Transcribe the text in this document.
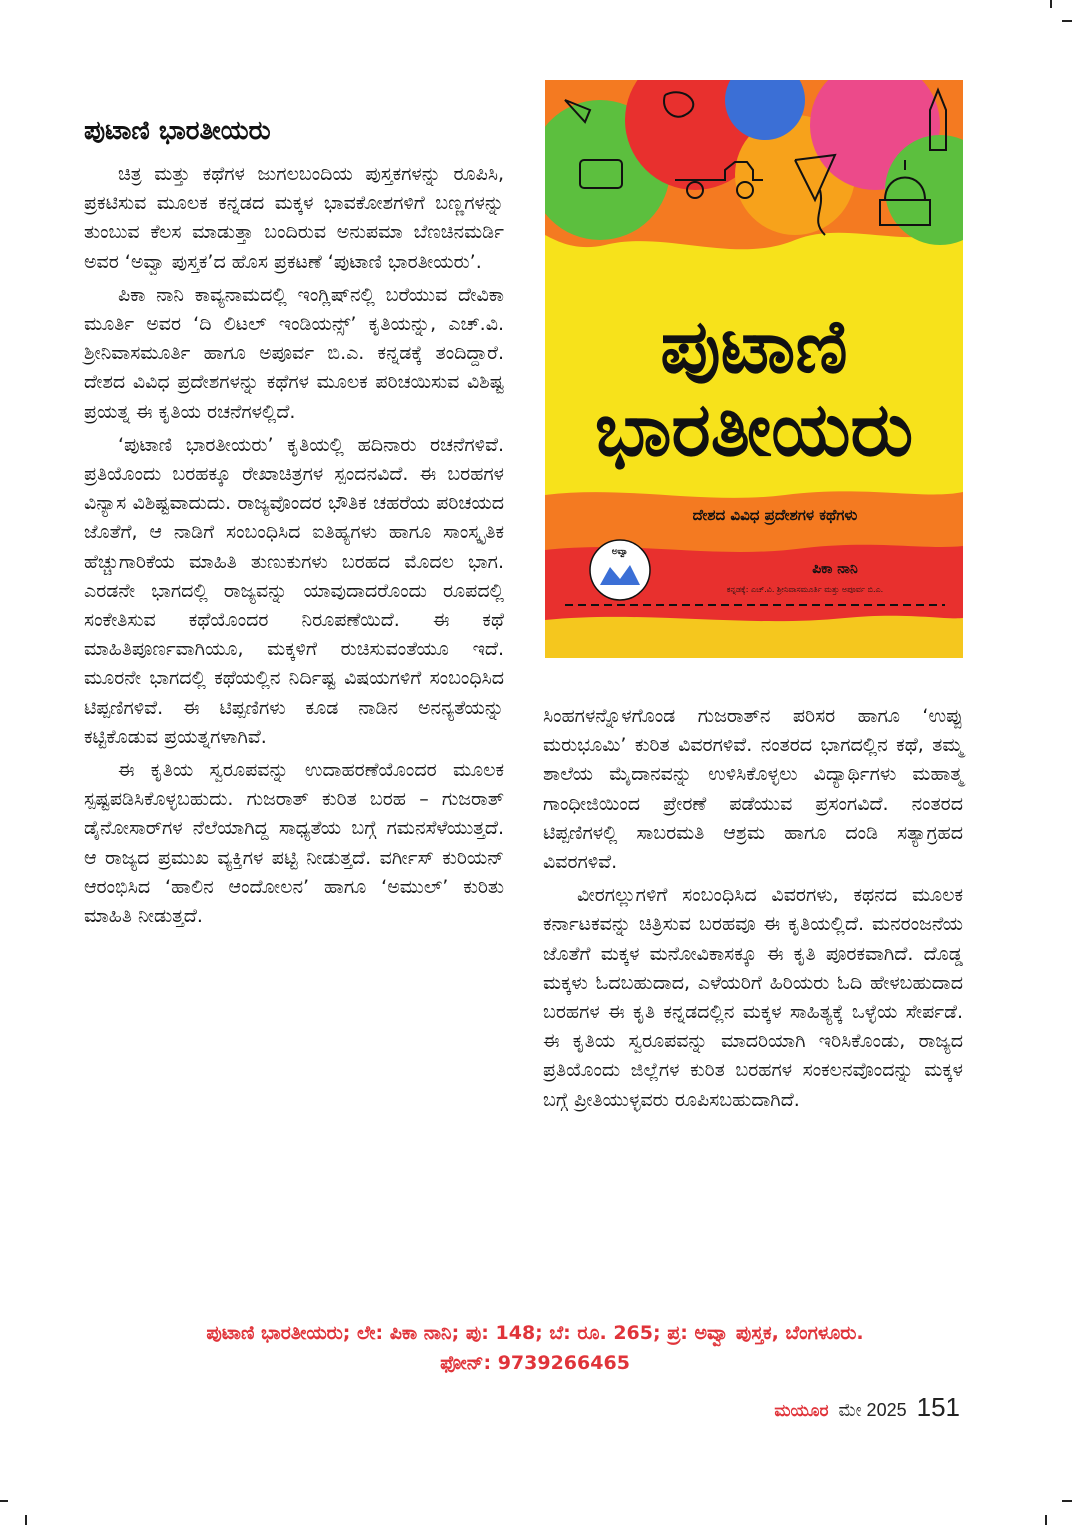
ಪುಟಾಣಿ ಭಾರತೀಯರು

ಚಿತ್ರ ಮತ್ತು ಕಥೆಗಳ ಜುಗಲಬಂದಿಯ ಪುಸ್ತಕಗಳನ್ನು ರೂಪಿಸಿ, ಪ್ರಕಟಿಸುವ ಮೂಲಕ ಕನ್ನಡದ ಮಕ್ಕಳ ಭಾವಕೋಶಗಳಿಗೆ ಬಣ್ಣಗಳನ್ನು ತುಂಬುವ ಕೆಲಸ ಮಾಡುತ್ತಾ ಬಂದಿರುವ ಅನುಪಮಾ ಬೆಣಚಿನಮರ್ಡಿ ಅವರ ‘ಅವ್ವಾ ಪುಸ್ತಕ’ದ ಹೊಸ ಪ್ರಕಟಣೆ ‘ಪುಟಾಣಿ ಭಾರತೀಯರು’.

ಪಿಕಾ ನಾನಿ ಕಾವ್ಯನಾಮದಲ್ಲಿ ಇಂಗ್ಲಿಷ್‌ನಲ್ಲಿ ಬರೆಯುವ ದೇವಿಕಾ ಮೂರ್ತಿ ಅವರ ‘ದಿ ಲಿಟಲ್ ಇಂಡಿಯನ್ಸ್’ ಕೃತಿಯನ್ನು, ಎಚ್.ವಿ. ಶ್ರೀನಿವಾಸಮೂರ್ತಿ ಹಾಗೂ ಅಪೂರ್ವ ಬಿ.ಎ. ಕನ್ನಡಕ್ಕೆ ತಂದಿದ್ದಾರೆ. ದೇಶದ ವಿವಿಧ ಪ್ರದೇಶಗಳನ್ನು ಕಥೆಗಳ ಮೂಲಕ ಪರಿಚಯಿಸುವ ವಿಶಿಷ್ಟ ಪ್ರಯತ್ನ ಈ ಕೃತಿಯ ರಚನೆಗಳಲ್ಲಿದೆ.

‘ಪುಟಾಣಿ ಭಾರತೀಯರು’ ಕೃತಿಯಲ್ಲಿ ಹದಿನಾರು ರಚನೆಗಳಿವೆ. ಪ್ರತಿಯೊಂದು ಬರಹಕ್ಕೂ ರೇಖಾಚಿತ್ರಗಳ ಸ್ಪಂದನವಿದೆ. ಈ ಬರಹಗಳ ವಿನ್ಯಾಸ ವಿಶಿಷ್ಟವಾದುದು. ರಾಜ್ಯವೊಂದರ ಭೌತಿಕ ಚಹರೆಯ ಪರಿಚಯದ ಜೊತೆಗೆ, ಆ ನಾಡಿಗೆ ಸಂಬಂಧಿಸಿದ ಐತಿಹ್ಯಗಳು ಹಾಗೂ ಸಾಂಸ್ಕೃತಿಕ ಹೆಚ್ಚುಗಾರಿಕೆಯ ಮಾಹಿತಿ ತುಣುಕುಗಳು ಬರಹದ ಮೊದಲ ಭಾಗ. ಎರಡನೇ ಭಾಗದಲ್ಲಿ ರಾಜ್ಯವನ್ನು ಯಾವುದಾದರೊಂದು ರೂಪದಲ್ಲಿ ಸಂಕೇತಿಸುವ ಕಥೆಯೊಂದರ ನಿರೂಪಣೆಯಿದೆ. ಈ ಕಥೆ ಮಾಹಿತಿಪೂರ್ಣವಾಗಿಯೂ, ಮಕ್ಕಳಿಗೆ ರುಚಿಸುವಂತೆಯೂ ಇದೆ. ಮೂರನೇ ಭಾಗದಲ್ಲಿ ಕಥೆಯಲ್ಲಿನ ನಿರ್ದಿಷ್ಟ ವಿಷಯಗಳಿಗೆ ಸಂಬಂಧಿಸಿದ ಟಿಪ್ಪಣಿಗಳಿವೆ. ಈ ಟಿಪ್ಪಣಿಗಳು ಕೂಡ ನಾಡಿನ ಅನನ್ಯತೆಯನ್ನು ಕಟ್ಟಿಕೊಡುವ ಪ್ರಯತ್ನಗಳಾಗಿವೆ.

ಈ ಕೃತಿಯ ಸ್ವರೂಪವನ್ನು ಉದಾಹರಣೆಯೊಂದರ ಮೂಲಕ ಸ್ಪಷ್ಟಪಡಿಸಿಕೊಳ್ಳಬಹುದು. ಗುಜರಾತ್ ಕುರಿತ ಬರಹ – ಗುಜರಾತ್ ಡೈನೋಸಾರ್‌ಗಳ ನೆಲೆಯಾಗಿದ್ದ ಸಾಧ್ಯತೆಯ ಬಗ್ಗೆ ಗಮನಸೆಳೆಯುತ್ತದೆ. ಆ ರಾಜ್ಯದ ಪ್ರಮುಖ ವ್ಯಕ್ತಿಗಳ ಪಟ್ಟಿ ನೀಡುತ್ತದೆ. ವರ್ಗೀಸ್ ಕುರಿಯನ್ ಆರಂಭಿಸಿದ ‘ಹಾಲಿನ ಆಂದೋಲನ’ ಹಾಗೂ ‘ಅಮುಲ್’ ಕುರಿತು ಮಾಹಿತಿ ನೀಡುತ್ತದೆ.

ಪುಟಾಣಿ
ಭಾರತೀಯರು
ದೇಶದ ವಿವಿಧ ಪ್ರದೇಶಗಳ ಕಥೆಗಳು
ಪಿಕಾ ನಾನಿ
ಕನ್ನಡಕ್ಕೆ: ಎಚ್.ವಿ. ಶ್ರೀನಿವಾಸಮೂರ್ತಿ ಮತ್ತು ಅಪೂರ್ವ ಬಿ.ಎ.
ಅವ್ವಾ

ಸಿಂಹಗಳನ್ನೊಳಗೊಂಡ ಗುಜರಾತ್‌ನ ಪರಿಸರ ಹಾಗೂ ‘ಉಪ್ಪು ಮರುಭೂಮಿ’ ಕುರಿತ ವಿವರಗಳಿವೆ. ನಂತರದ ಭಾಗದಲ್ಲಿನ ಕಥೆ, ತಮ್ಮ ಶಾಲೆಯ ಮೈದಾನವನ್ನು ಉಳಿಸಿಕೊಳ್ಳಲು ವಿದ್ಯಾರ್ಥಿಗಳು ಮಹಾತ್ಮ ಗಾಂಧೀಜಿಯಿಂದ ಪ್ರೇರಣೆ ಪಡೆಯುವ ಪ್ರಸಂಗವಿದೆ. ನಂತರದ ಟಿಪ್ಪಣಿಗಳಲ್ಲಿ ಸಾಬರಮತಿ ಆಶ್ರಮ ಹಾಗೂ ದಂಡಿ ಸತ್ಯಾಗ್ರಹದ ವಿವರಗಳಿವೆ.

ವೀರಗಲ್ಲುಗಳಿಗೆ ಸಂಬಂಧಿಸಿದ ವಿವರಗಳು, ಕಥನದ ಮೂಲಕ ಕರ್ನಾಟಕವನ್ನು ಚಿತ್ರಿಸುವ ಬರಹವೂ ಈ ಕೃತಿಯಲ್ಲಿದೆ. ಮನರಂಜನೆಯ ಜೊತೆಗೆ ಮಕ್ಕಳ ಮನೋವಿಕಾಸಕ್ಕೂ ಈ ಕೃತಿ ಪೂರಕವಾಗಿದೆ. ದೊಡ್ಡ ಮಕ್ಕಳು ಓದಬಹುದಾದ, ಎಳೆಯರಿಗೆ ಹಿರಿಯರು ಓದಿ ಹೇಳಬಹುದಾದ ಬರಹಗಳ ಈ ಕೃತಿ ಕನ್ನಡದಲ್ಲಿನ ಮಕ್ಕಳ ಸಾಹಿತ್ಯಕ್ಕೆ ಒಳ್ಳೆಯ ಸೇರ್ಪಡೆ. ಈ ಕೃತಿಯ ಸ್ವರೂಪವನ್ನು ಮಾದರಿಯಾಗಿ ಇರಿಸಿಕೊಂಡು, ರಾಜ್ಯದ ಪ್ರತಿಯೊಂದು ಜಿಲ್ಲೆಗಳ ಕುರಿತ ಬರಹಗಳ ಸಂಕಲನವೊಂದನ್ನು ಮಕ್ಕಳ ಬಗ್ಗೆ ಪ್ರೀತಿಯುಳ್ಳವರು ರೂಪಿಸಬಹುದಾಗಿದೆ.

ಪುಟಾಣಿ ಭಾರತೀಯರು; ಲೇ: ಪಿಕಾ ನಾನಿ; ಪು: 148; ಬೆ: ರೂ. 265; ಪ್ರ: ಅವ್ವಾ ಪುಸ್ತಕ, ಬೆಂಗಳೂರು.
ಫೋನ್: 9739266465
ಮಯೂರ ಮೇ 2025 151
